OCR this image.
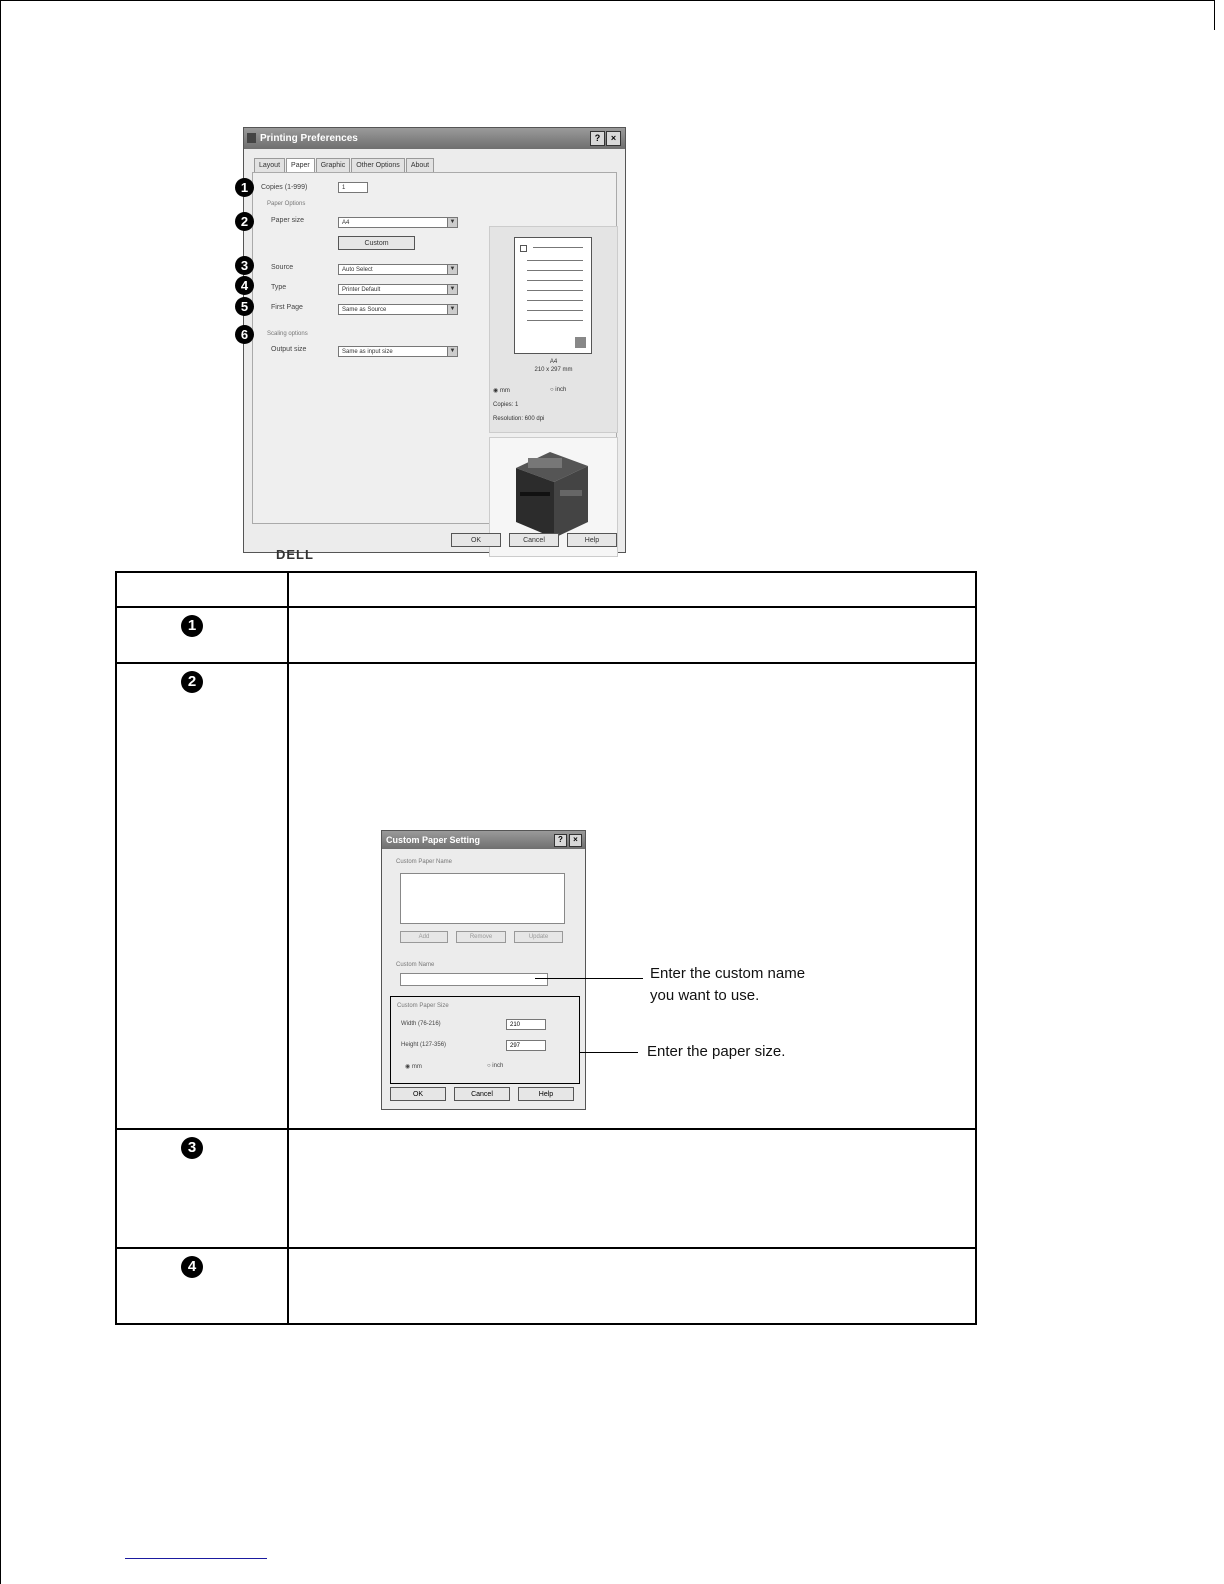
Printing Preferences	?	×
Layout	Paper	Graphic	Other Options	About
1	Copies (1-999)	1
Paper Options
2	Paper size	A4	▼
Custom
3	Source	Auto Select	▼
4	Type	Printer Default	▼
5	First Page	Same as Source	▼
6	Scaling options
Output size	Same as input size	▼
A4
210 x 297 mm
◉ mm	○ inch
Copies: 1
Resolution: 600 dpi
DELL
OK	Cancel	Help
1
2
3
4
Custom Paper Setting	?	×
Custom Paper Name
Add	Remove	Update
Custom Name
Custom Paper Size
Width (76-216)	210
Height (127-356)	297
◉ mm	○ inch
OK	Cancel	Help
Enter the custom name
you want to use.
Enter the paper size.
